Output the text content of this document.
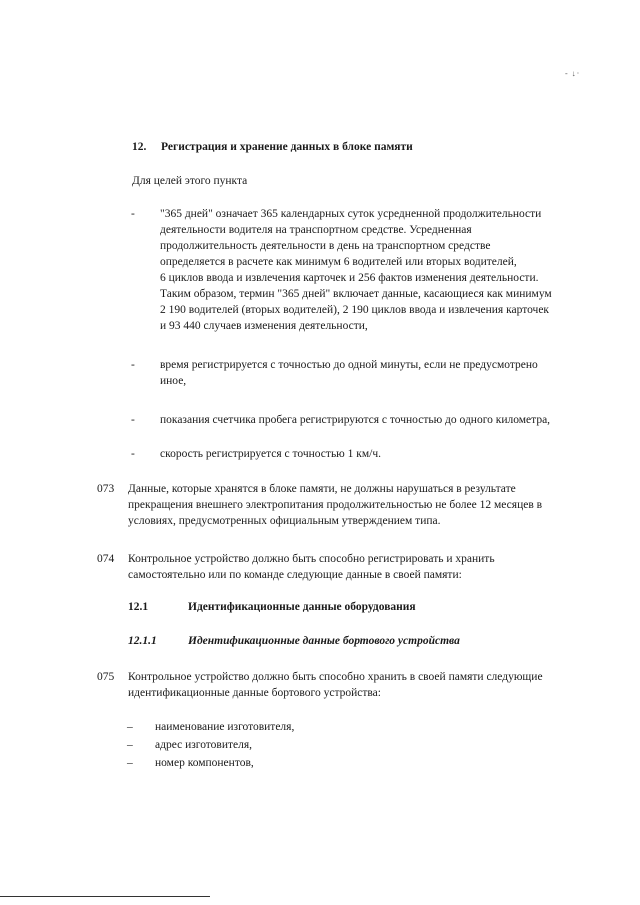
- ↓·
12. Регистрация и хранение данных в блоке памяти
Для целей этого пункта
- "365 дней" означает 365 календарных суток усредненной продолжительности
деятельности водителя на транспортном средстве. Усредненная
продолжительность деятельности в день на транспортном средстве
определяется в расчете как минимум 6 водителей или вторых водителей,
6 циклов ввода и извлечения карточек и 256 фактов изменения деятельности.
Таким образом, термин "365 дней" включает данные, касающиеся как минимум
2 190 водителей (вторых водителей), 2 190 циклов ввода и извлечения карточек
и 93 440 случаев изменения деятельности,
- время регистрируется с точностью до одной минуты, если не предусмотрено
иное,
- показания счетчика пробега регистрируются с точностью до одного километра,
- скорость регистрируется с точностью 1 км/ч.
073 Данные, которые хранятся в блоке памяти, не должны нарушаться в результате
прекращения внешнего электропитания продолжительностью не более 12 месяцев в
условиях, предусмотренных официальным утверждением типа.
074 Контрольное устройство должно быть способно регистрировать и хранить
самостоятельно или по команде следующие данные в своей памяти:
12.1	Идентификационные данные оборудования
12.1.1	Идентификационные данные бортового устройства
075 Контрольное устройство должно быть способно хранить в своей памяти следующие
идентификационные данные бортового устройства:
– наименование изготовителя,
– адрес изготовителя,
– номер компонентов,
